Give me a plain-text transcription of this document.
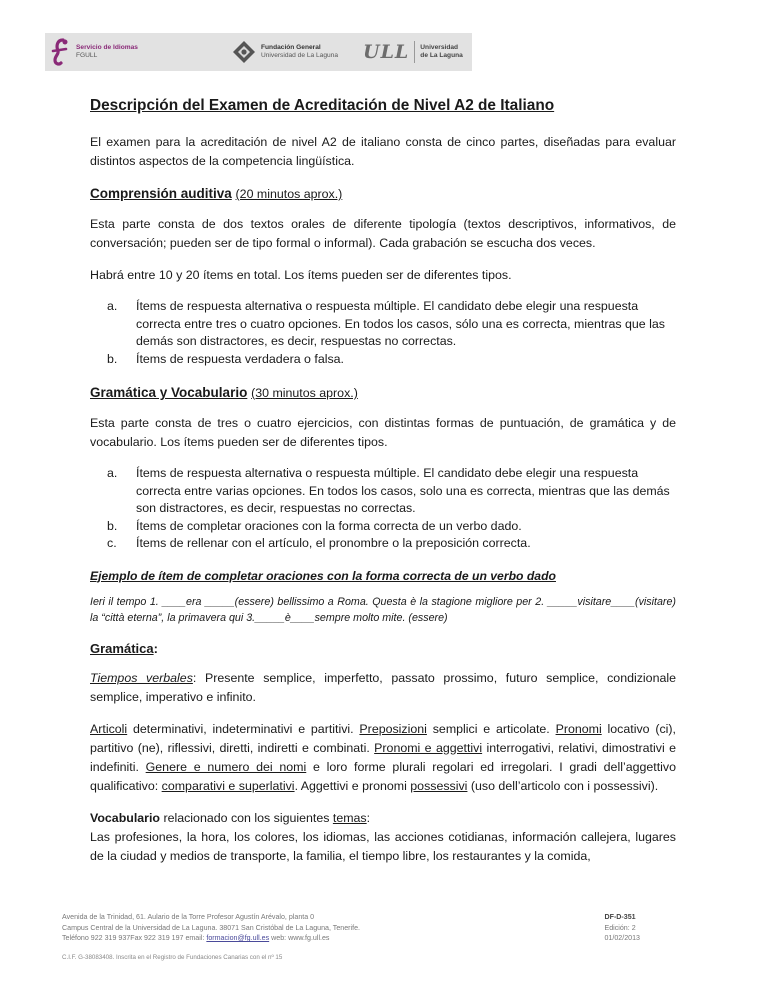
Servicio de Idiomas
FGULL
Fundación General
Universidad de La Laguna ULL Universidad
de La Laguna
Descripción del Examen de Acreditación de Nivel A2 de Italiano

El examen para la acreditación de nivel A2 de italiano consta de cinco partes, diseñadas para evaluar distintos aspectos de la competencia lingüística.

Comprensión auditiva (20 minutos aprox.)

Esta parte consta de dos textos orales de diferente tipología (textos descriptivos, informativos, de conversación; pueden ser de tipo formal o informal). Cada grabación se escucha dos veces.

Habrá entre 10 y 20 ítems en total. Los ítems pueden ser de diferentes tipos.

a. Ítems de respuesta alternativa o respuesta múltiple. El candidato debe elegir una respuesta correcta entre tres o cuatro opciones. En todos los casos, sólo una es correcta, mientras que las demás son distractores, es decir, respuestas no correctas.
b. Ítems de respuesta verdadera o falsa.
Gramática y Vocabulario (30 minutos aprox.)

Esta parte consta de tres o cuatro ejercicios, con distintas formas de puntuación, de gramática y de vocabulario. Los ítems pueden ser de diferentes tipos.

a. Ítems de respuesta alternativa o respuesta múltiple. El candidato debe elegir una respuesta correcta entre varias opciones. En todos los casos, solo una es correcta, mientras que las demás son distractores, es decir, respuestas no correctas.
b. Ítems de completar oraciones con la forma correcta de un verbo dado.
c. Ítems de rellenar con el artículo, el pronombre o la preposición correcta.
Ejemplo de ítem de completar oraciones con la forma correcta de un verbo dado

Ieri il tempo 1. ____era _____(essere) bellissimo a Roma. Questa è la stagione migliore per 2. _____visitare____(visitare) la “città eterna”, la primavera qui 3._____è____sempre molto mite. (essere)

Gramática:

Tiempos verbales: Presente semplice, imperfetto, passato prossimo, futuro semplice, condizionale semplice, imperativo e infinito.

Articoli determinativi, indeterminativi e partitivi. Preposizioni semplici e articolate. Pronomi locativo (ci), partitivo (ne), riflessivi, diretti, indiretti e combinati. Pronomi e aggettivi interrogativi, relativi, dimostrativi e indefiniti. Genere e numero dei nomi e loro forme plurali regolari ed irregolari. I gradi dell’aggettivo qualificativo: comparativi e superlativi. Aggettivi e pronomi possessivi (uso dell’articolo con i possessivi).

Vocabulario relacionado con los siguientes temas:

Las profesiones, la hora, los colores, los idiomas, las acciones cotidianas, información callejera, lugares de la ciudad y medios de transporte, la familia, el tiempo libre, los restaurantes y la comida,

Avenida de la Trinidad, 61. Aulario de la Torre Profesor Agustín Arévalo, planta 0
Campus Central de la Universidad de La Laguna. 38071 San Cristóbal de La Laguna, Tenerife.
Teléfono 922 319 937Fax 922 319 197 email: formacion@fg.ull.es web: www.fg.ull.es
C.I.F. G-38083408. Inscrita en el Registro de Fundaciones Canarias con el nº 15
DF-D-351
Edición: 2
01/02/2013
